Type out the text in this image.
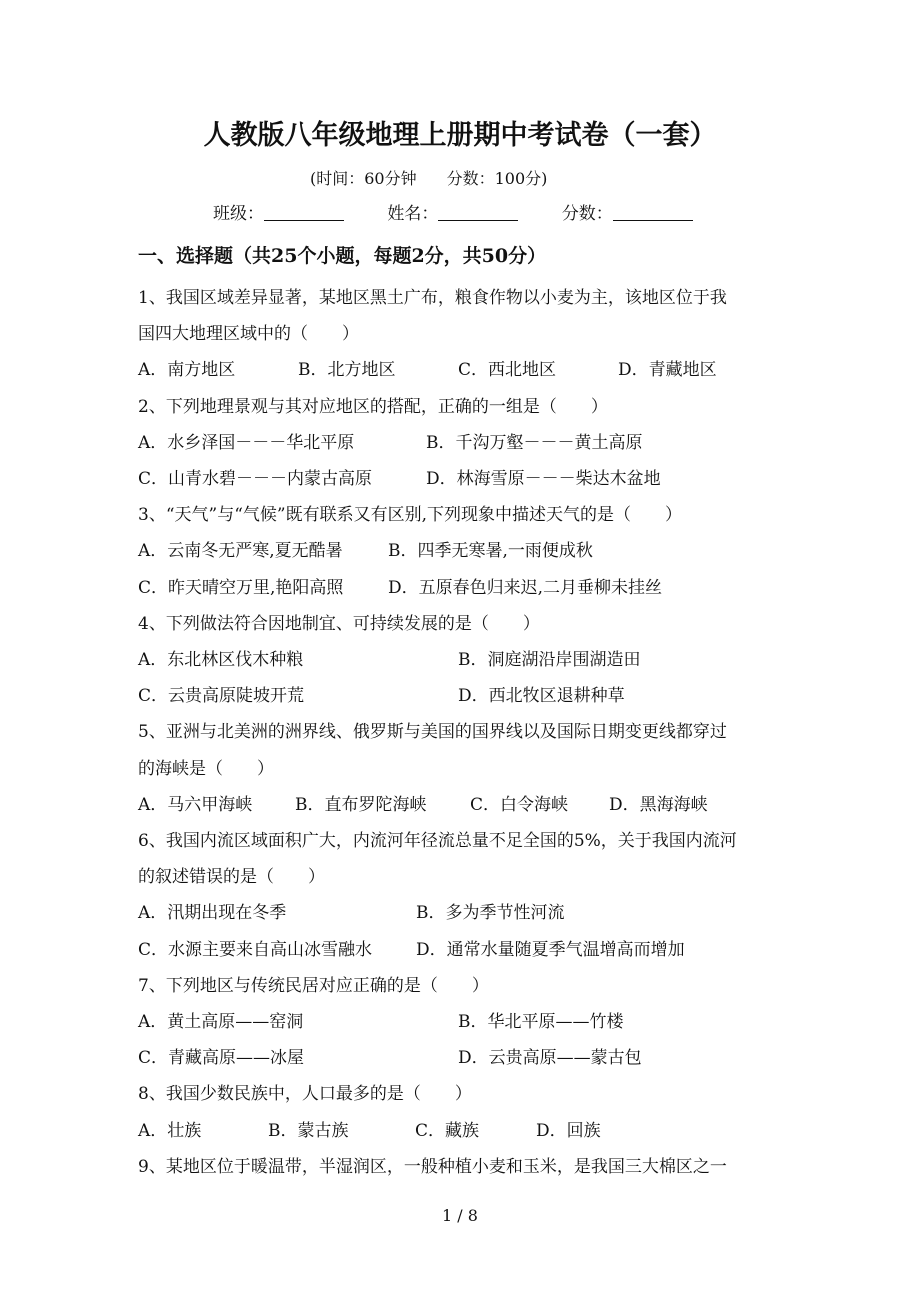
人教版八年级地理上册期中考试卷（一套）
(时间：60分钟 分数：100分)
班级：	姓名：	分数：
一、选择题（共25个小题，每题2分，共50分）
1、我国区域差异显著，某地区黑土广布，粮食作物以小麦为主，该地区位于我
国四大地理区域中的（　　）
A．南方地区	B．北方地区	C．西北地区	D．青藏地区
2、下列地理景观与其对应地区的搭配，正确的一组是（　　）
A．水乡泽国－－－华北平原	B．千沟万壑－－－黄土高原
C．山青水碧－－－内蒙古高原	D．林海雪原－－－柴达木盆地
3、“天气”与“气候”既有联系又有区别,下列现象中描述天气的是（　　）
A．云南冬无严寒,夏无酷暑	B．四季无寒暑,一雨便成秋
C．昨天晴空万里,艳阳高照	D．五原春色归来迟,二月垂柳未挂丝
4、下列做法符合因地制宜、可持续发展的是（　　）
A．东北林区伐木种粮	B．洞庭湖沿岸围湖造田
C．云贵高原陡坡开荒	D．西北牧区退耕种草
5、亚洲与北美洲的洲界线、俄罗斯与美国的国界线以及国际日期变更线都穿过
的海峡是（　　）
A．马六甲海峡	B．直布罗陀海峡	C．白令海峡 D．黑海海峡
6、我国内流区域面积广大，内流河年径流总量不足全国的5%，关于我国内流河
的叙述错误的是（　　）
A．汛期出现在冬季	B．多为季节性河流
C．水源主要来自高山冰雪融水	D．通常水量随夏季气温增高而增加
7、下列地区与传统民居对应正确的是（　　）
A．黄土高原——窑洞	B．华北平原——竹楼
C．青藏高原——冰屋	D．云贵高原——蒙古包
8、我国少数民族中，人口最多的是（　　）
A．壮族	B．蒙古族	C．藏族	D．回族
9、某地区位于暖温带，半湿润区，一般种植小麦和玉米，是我国三大棉区之一
1 / 8
